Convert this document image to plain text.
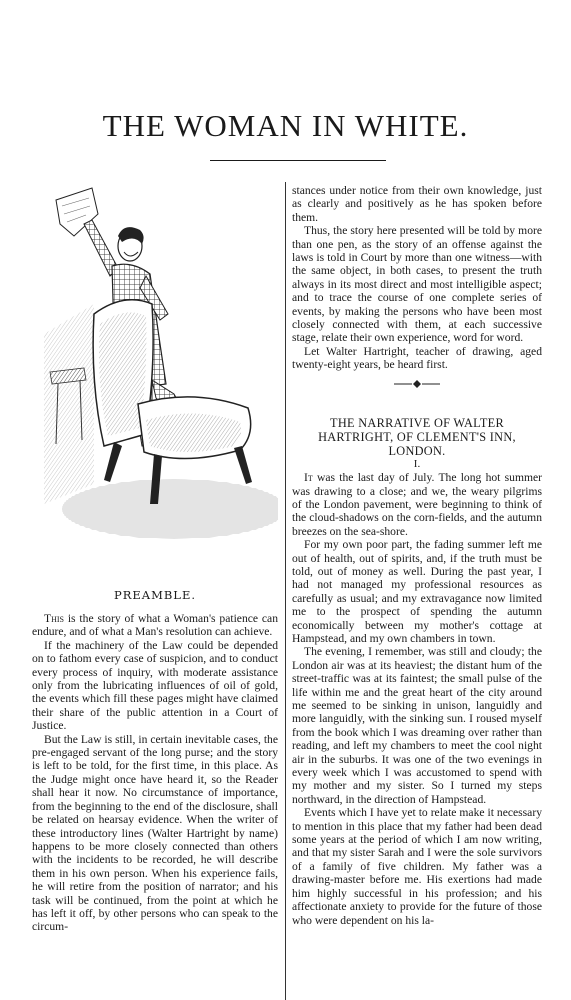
THE WOMAN IN WHITE.
PREAMBLE.

This is the story of what a Woman's patience can endure, and of what a Man's resolution can achieve.

If the machinery of the Law could be depended on to fathom every case of suspicion, and to conduct every process of inquiry, with moderate assistance only from the lubricating influences of oil of gold, the events which fill these pages might have claimed their share of the public attention in a Court of Justice.

But the Law is still, in certain inevitable cases, the pre-engaged servant of the long purse; and the story is left to be told, for the first time, in this place. As the Judge might once have heard it, so the Reader shall hear it now. No circumstance of importance, from the beginning to the end of the disclosure, shall be related on hearsay evidence. When the writer of these introductory lines (Walter Hartright by name) happens to be more closely connected than others with the incidents to be recorded, he will describe them in his own person. When his experience fails, he will retire from the position of narrator; and his task will be continued, from the point at which he has left it off, by other persons who can speak to the circum-

stances under notice from their own knowledge, just as clearly and positively as he has spoken before them.

Thus, the story here presented will be told by more than one pen, as the story of an offense against the laws is told in Court by more than one witness—with the same object, in both cases, to present the truth always in its most direct and most intelligible aspect; and to trace the course of one complete series of events, by making the persons who have been most closely connected with them, at each successive stage, relate their own experience, word for word.

Let Walter Hartright, teacher of drawing, aged twenty-eight years, be heard first.

THE NARRATIVE OF WALTER HARTRIGHT, OF CLEMENT'S INN, LONDON.

I.

It was the last day of July. The long hot summer was drawing to a close; and we, the weary pilgrims of the London pavement, were beginning to think of the cloud-shadows on the corn-fields, and the autumn breezes on the sea-shore.

For my own poor part, the fading summer left me out of health, out of spirits, and, if the truth must be told, out of money as well. During the past year, I had not managed my professional resources as carefully as usual; and my extravagance now limited me to the prospect of spending the autumn economically between my mother's cottage at Hampstead, and my own chambers in town.

The evening, I remember, was still and cloudy; the London air was at its heaviest; the distant hum of the street-traffic was at its faintest; the small pulse of the life within me and the great heart of the city around me seemed to be sinking in unison, languidly and more languidly, with the sinking sun. I roused myself from the book which I was dreaming over rather than reading, and left my chambers to meet the cool night air in the suburbs. It was one of the two evenings in every week which I was accustomed to spend with my mother and my sister. So I turned my steps northward, in the direction of Hampstead.

Events which I have yet to relate make it necessary to mention in this place that my father had been dead some years at the period of which I am now writing, and that my sister Sarah and I were the sole survivors of a family of five children. My father was a drawing-master before me. His exertions had made him highly successful in his profession; and his affectionate anxiety to provide for the future of those who were dependent on his la-
